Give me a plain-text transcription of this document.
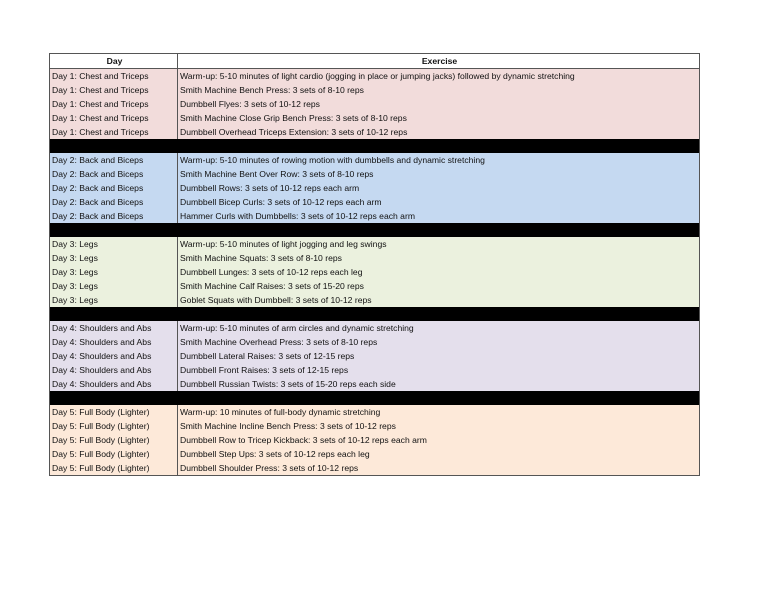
Day	Exercise
Day 1: Chest and Triceps	Warm-up: 5-10 minutes of light cardio (jogging in place or jumping jacks) followed by dynamic stretching
Day 1: Chest and Triceps	Smith Machine Bench Press: 3 sets of 8-10 reps
Day 1: Chest and Triceps	Dumbbell Flyes: 3 sets of 10-12 reps
Day 1: Chest and Triceps	Smith Machine Close Grip Bench Press: 3 sets of 8-10 reps
Day 1: Chest and Triceps	Dumbbell Overhead Triceps Extension: 3 sets of 10-12 reps
Day 2: Back and Biceps	Warm-up: 5-10 minutes of rowing motion with dumbbells and dynamic stretching
Day 2: Back and Biceps	Smith Machine Bent Over Row: 3 sets of 8-10 reps
Day 2: Back and Biceps	Dumbbell Rows: 3 sets of 10-12 reps each arm
Day 2: Back and Biceps	Dumbbell Bicep Curls: 3 sets of 10-12 reps each arm
Day 2: Back and Biceps	Hammer Curls with Dumbbells: 3 sets of 10-12 reps each arm
Day 3: Legs	Warm-up: 5-10 minutes of light jogging and leg swings
Day 3: Legs	Smith Machine Squats: 3 sets of 8-10 reps
Day 3: Legs	Dumbbell Lunges: 3 sets of 10-12 reps each leg
Day 3: Legs	Smith Machine Calf Raises: 3 sets of 15-20 reps
Day 3: Legs	Goblet Squats with Dumbbell: 3 sets of 10-12 reps
Day 4: Shoulders and Abs	Warm-up: 5-10 minutes of arm circles and dynamic stretching
Day 4: Shoulders and Abs	Smith Machine Overhead Press: 3 sets of 8-10 reps
Day 4: Shoulders and Abs	Dumbbell Lateral Raises: 3 sets of 12-15 reps
Day 4: Shoulders and Abs	Dumbbell Front Raises: 3 sets of 12-15 reps
Day 4: Shoulders and Abs	Dumbbell Russian Twists: 3 sets of 15-20 reps each side
Day 5: Full Body (Lighter)	Warm-up: 10 minutes of full-body dynamic stretching
Day 5: Full Body (Lighter)	Smith Machine Incline Bench Press: 3 sets of 10-12 reps
Day 5: Full Body (Lighter)	Dumbbell Row to Tricep Kickback: 3 sets of 10-12 reps each arm
Day 5: Full Body (Lighter)	Dumbbell Step Ups: 3 sets of 10-12 reps each leg
Day 5: Full Body (Lighter)	Dumbbell Shoulder Press: 3 sets of 10-12 reps
